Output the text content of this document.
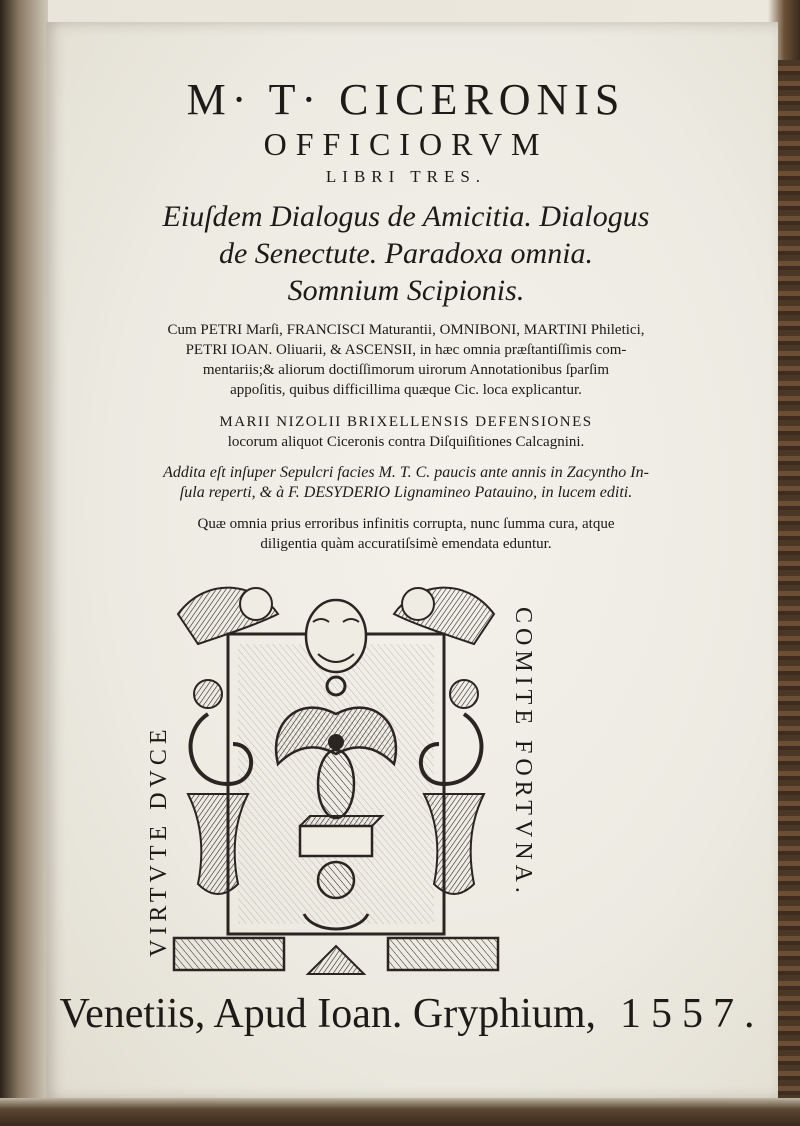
M· T· CICERONIS
OFFICIORVM
LIBRI TRES.
Eiuſdem Dialogus de Amicitia. Dialogus
de Senectute. Paradoxa omnia.
Somnium Scipionis.
Cum PETRI Marſi, FRANCISCI Maturantii, OMNIBONI, MARTINI Philetici,
PETRI IOAN. Oliuarii, & ASCENSII, in hæc omnia præſtantiſſimis com-
mentariis;& aliorum doctiſſimorum uirorum Annotationibus ſparſim
appoſitis, quibus difficillima quæque Cic. loca explicantur.
MARII NIZOLII BRIXELLENSIS DEFENSIONES
locorum aliquot Ciceronis contra Diſquiſitiones Calcagnini.
Addita eſt inſuper Sepulcri facies M. T. C. paucis ante annis in Zacyntho In-
ſula reperti, & à F. DESYDERIO Lignamineo Patauino, in lucem editi.
Quæ omnia prius erroribus infinitis corrupta, nunc ſumma cura, atque
diligentia quàm accuratiſsimè emendata eduntur.
VIRTVTE DVCE	COMITE FORTVNA.
Venetiis, Apud Ioan. Gryphium, 1557.
